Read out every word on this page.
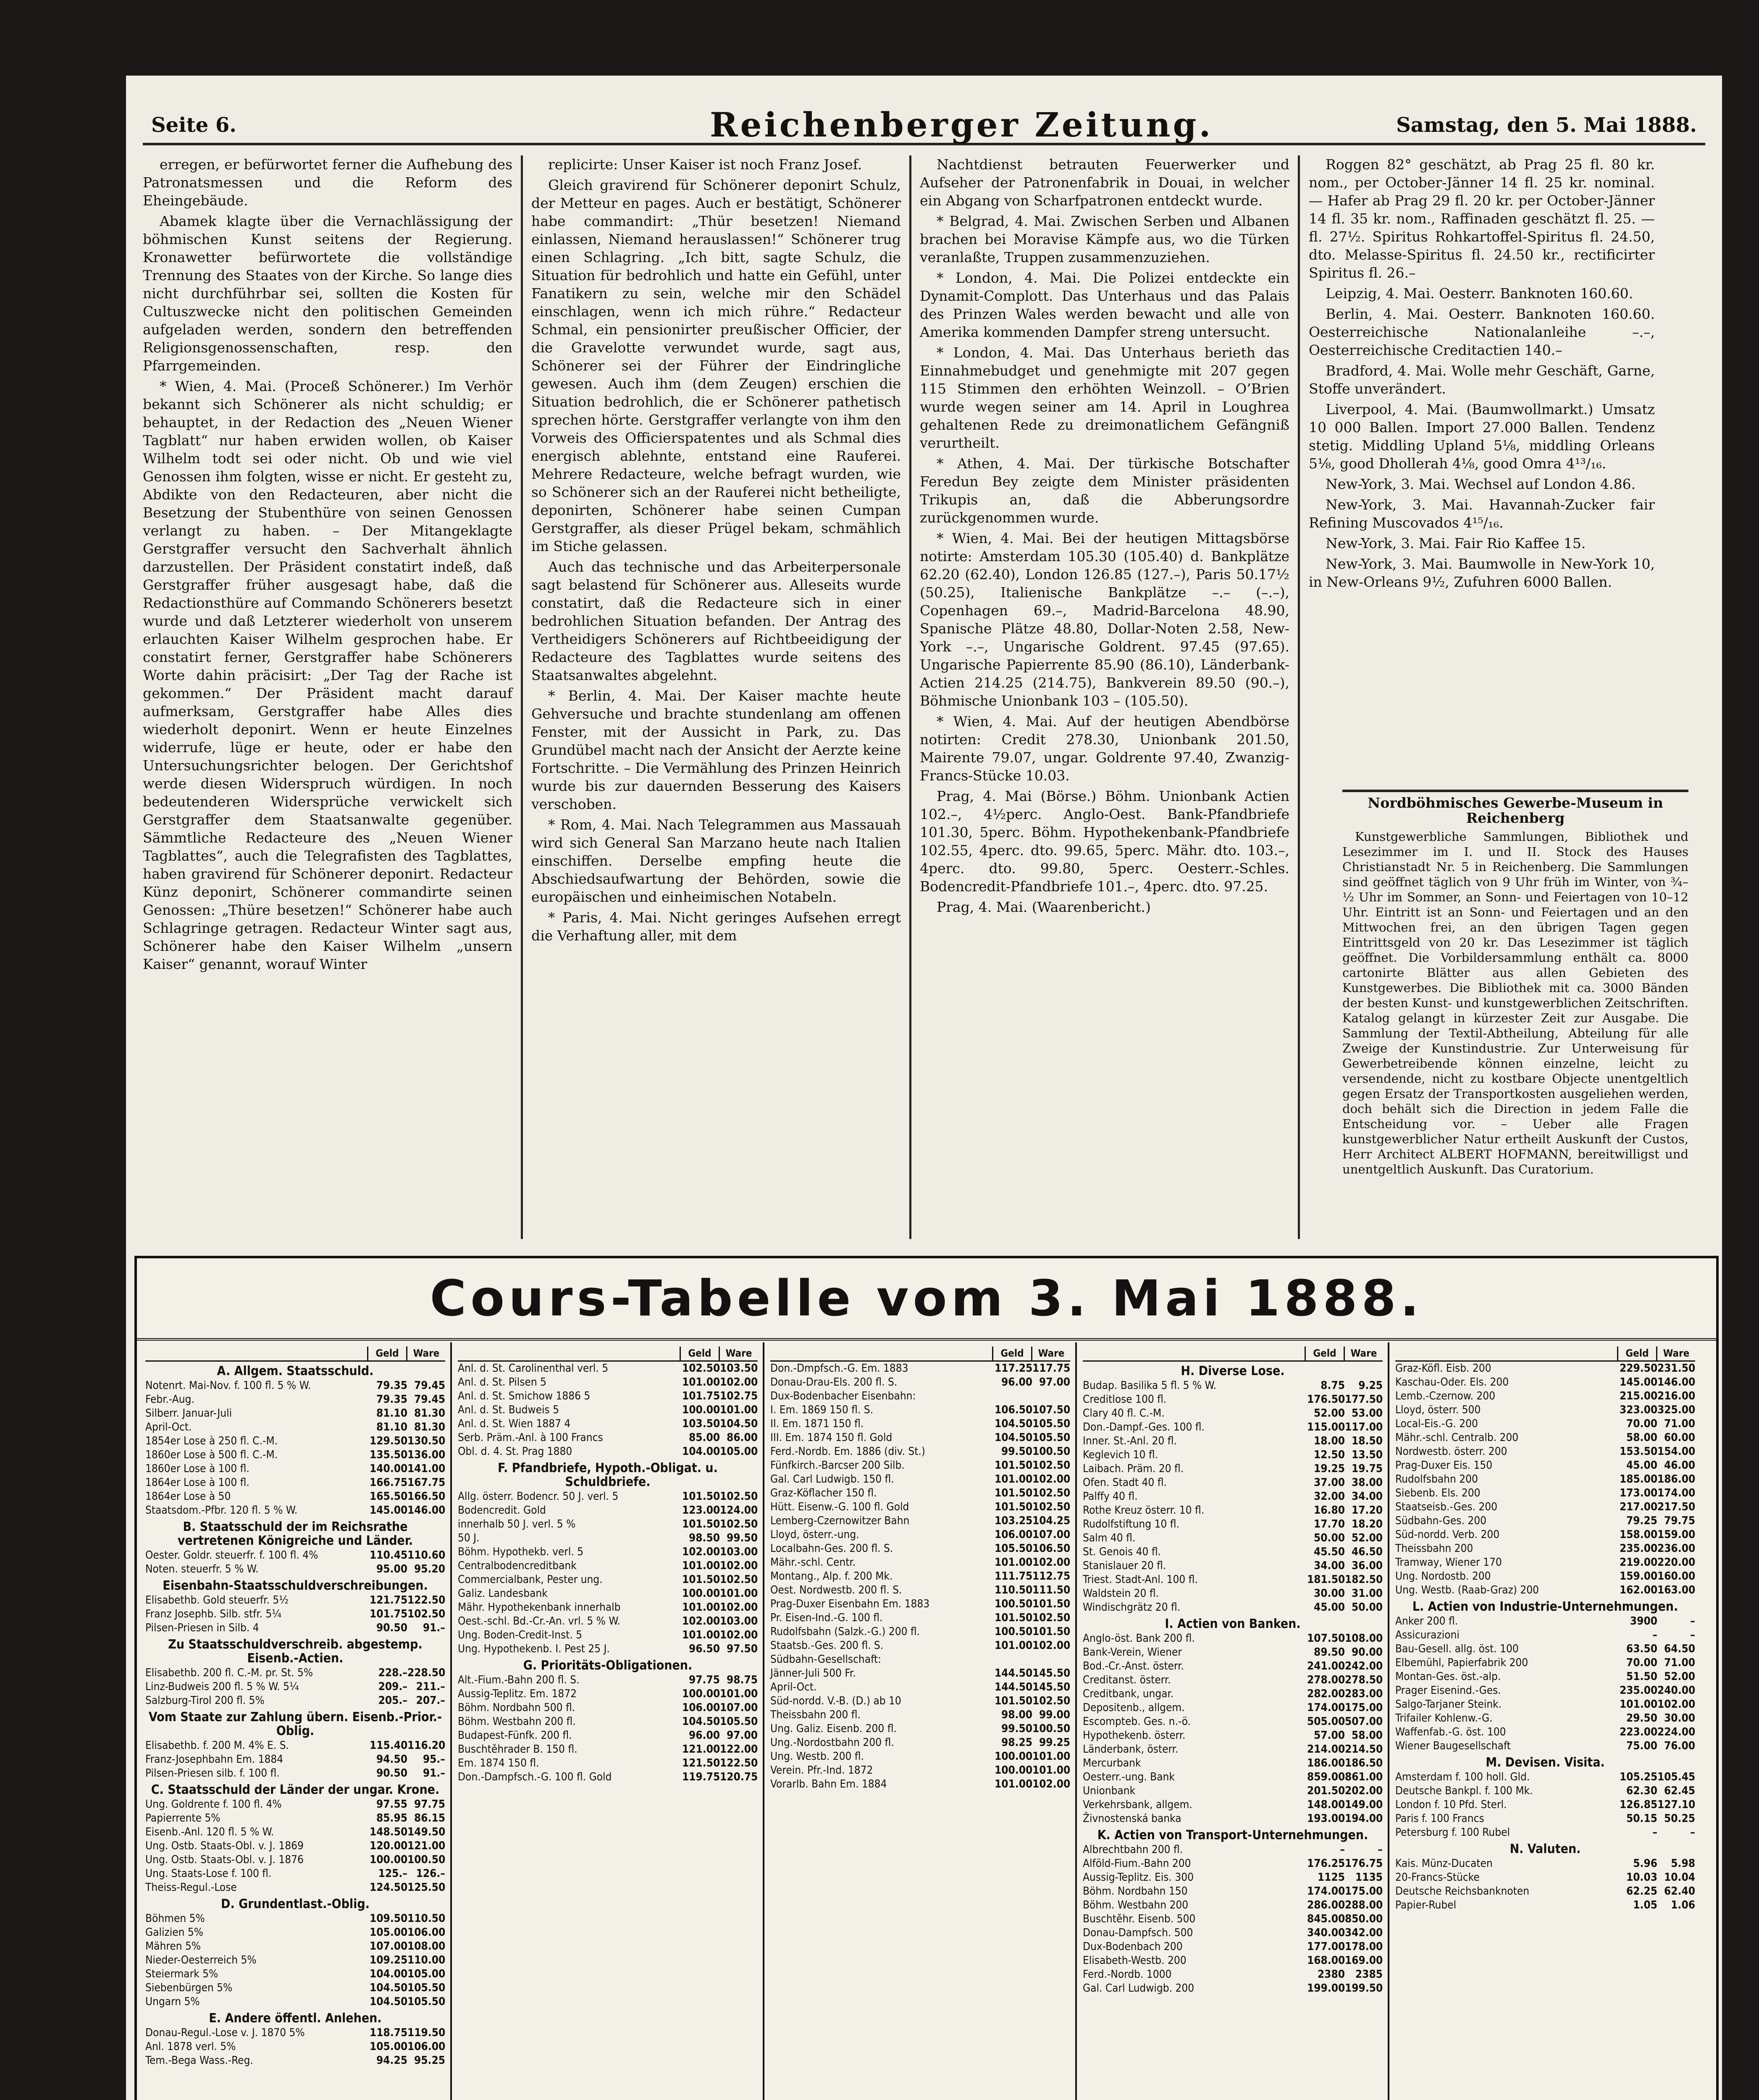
Seite 6.	Reichenberger Zeitung.	Samstag, den 5. Mai 1888.

erregen, er befürwortet ferner die Aufhebung des Patronatsmessen und die Reform des Eheingebäude.

Abamek klagte über die Vernachlässigung der böhmischen Kunst seitens der Regierung. Kronawetter befürwortete die vollständige Trennung des Staates von der Kirche. So lange dies nicht durchführbar sei, sollten die Kosten für Cultuszwecke nicht den politischen Gemeinden aufgeladen werden, sondern den betreffenden Religionsgenossenschaften, resp. den Pfarrgemeinden.

* Wien, 4. Mai. (Proceß Schönerer.) Im Verhör bekannt sich Schönerer als nicht schuldig; er behauptet, in der Redaction des „Neuen Wiener Tagblatt“ nur haben erwiden wollen, ob Kaiser Wilhelm todt sei oder nicht. Ob und wie viel Genossen ihm folgten, wisse er nicht. Er gesteht zu, Abdikte von den Redacteuren, aber nicht die Besetzung der Stubenthüre von seinen Genossen verlangt zu haben. – Der Mitangeklagte Gerstgraffer versucht den Sachverhalt ähnlich darzustellen. Der Präsident constatirt indeß, daß Gerstgraffer früher ausgesagt habe, daß die Redactionsthüre auf Commando Schönerers besetzt wurde und daß Letzterer wiederholt von unserem erlauchten Kaiser Wilhelm gesprochen habe. Er constatirt ferner, Gerstgraffer habe Schönerers Worte dahin präcisirt: „Der Tag der Rache ist gekommen.“ Der Präsident macht darauf aufmerksam, Gerstgraffer habe Alles dies wiederholt deponirt. Wenn er heute Einzelnes widerrufe, lüge er heute, oder er habe den Untersuchungsrichter belogen. Der Gerichtshof werde diesen Widerspruch würdigen. In noch bedeutenderen Widersprüche verwickelt sich Gerstgraffer dem Staatsanwalte gegenüber. Sämmtliche Redacteure des „Neuen Wiener Tagblattes“, auch die Telegrafisten des Tagblattes, haben gravirend für Schönerer deponirt. Redacteur Künz deponirt, Schönerer commandirte seinen Genossen: „Thüre besetzen!“ Schönerer habe auch Schlagringe getragen. Redacteur Winter sagt aus, Schönerer habe den Kaiser Wilhelm „unsern Kaiser“ genannt, worauf Winter

replicirte: Unser Kaiser ist noch Franz Josef.

Gleich gravirend für Schönerer deponirt Schulz, der Metteur en pages. Auch er bestätigt, Schönerer habe commandirt: „Thür besetzen! Niemand einlassen, Niemand herauslassen!“ Schönerer trug einen Schlagring. „Ich bitt, sagte Schulz, die Situation für bedrohlich und hatte ein Gefühl, unter Fanatikern zu sein, welche mir den Schädel einschlagen, wenn ich mich rühre.“ Redacteur Schmal, ein pensionirter preußischer Officier, der die Gravelotte verwundet wurde, sagt aus, Schönerer sei der Führer der Eindringliche gewesen. Auch ihm (dem Zeugen) erschien die Situation bedrohlich, die er Schönerer pathetisch sprechen hörte. Gerstgraffer verlangte von ihm den Vorweis des Officierspatentes und als Schmal dies energisch ablehnte, entstand eine Rauferei. Mehrere Redacteure, welche befragt wurden, wie so Schönerer sich an der Rauferei nicht betheiligte, deponirten, Schönerer habe seinen Cumpan Gerstgraffer, als dieser Prügel bekam, schmählich im Stiche gelassen.

Auch das technische und das Arbeiterpersonale sagt belastend für Schönerer aus. Alleseits wurde constatirt, daß die Redacteure sich in einer bedrohlichen Situation befanden. Der Antrag des Vertheidigers Schönerers auf Richtbeeidigung der Redacteure des Tagblattes wurde seitens des Staatsanwaltes abgelehnt.

* Berlin, 4. Mai. Der Kaiser machte heute Gehversuche und brachte stundenlang am offenen Fenster, mit der Aussicht in Park, zu. Das Grundübel macht nach der Ansicht der Aerzte keine Fortschritte. – Die Vermählung des Prinzen Heinrich wurde bis zur dauernden Besserung des Kaisers verschoben.

* Rom, 4. Mai. Nach Telegrammen aus Massauah wird sich General San Marzano heute nach Italien einschiffen. Derselbe empfing heute die Abschiedsaufwartung der Behörden, sowie die europäischen und einheimischen Notabeln.

* Paris, 4. Mai. Nicht geringes Aufsehen erregt die Verhaftung aller, mit dem

Nachtdienst betrauten Feuerwerker und Aufseher der Patronenfabrik in Douai, in welcher ein Abgang von Scharfpatronen entdeckt wurde.

* Belgrad, 4. Mai. Zwischen Serben und Albanen brachen bei Moravise Kämpfe aus, wo die Türken veranlaßte, Truppen zusammenzuziehen.

* London, 4. Mai. Die Polizei entdeckte ein Dynamit-Complott. Das Unterhaus und das Palais des Prinzen Wales werden bewacht und alle von Amerika kommenden Dampfer streng untersucht.

* London, 4. Mai. Das Unterhaus berieth das Einnahmebudget und genehmigte mit 207 gegen 115 Stimmen den erhöhten Weinzoll. – O’Brien wurde wegen seiner am 14. April in Loughrea gehaltenen Rede zu dreimonatlichem Gefängniß verurtheilt.

* Athen, 4. Mai. Der türkische Botschafter Feredun Bey zeigte dem Minister präsidenten Trikupis an, daß die Abberungsordre zurückgenommen wurde.

* Wien, 4. Mai. Bei der heutigen Mittagsbörse notirte: Amsterdam 105.30 (105.40) d. Bankplätze 62.20 (62.40), London 126.85 (127.–), Paris 50.17½ (50.25), Italienische Bankplätze –.– (–.–), Copenhagen 69.–, Madrid-Barcelona 48.90, Spanische Plätze 48.80, Dollar-Noten 2.58, New-York –.–, Ungarische Goldrent. 97.45 (97.65). Ungarische Papierrente 85.90 (86.10), Länderbank-Actien 214.25 (214.75), Bankverein 89.50 (90.–), Böhmische Unionbank 103 – (105.50).

* Wien, 4. Mai. Auf der heutigen Abendbörse notirten: Credit 278.30, Unionbank 201.50, Mairente 79.07, ungar. Goldrente 97.40, Zwanzig-Francs-Stücke 10.03.

Prag, 4. Mai (Börse.) Böhm. Unionbank Actien 102.–, 4½perc. Anglo-Oest. Bank-Pfandbriefe 101.30, 5perc. Böhm. Hypothekenbank-Pfandbriefe 102.55, 4perc. dto. 99.65, 5perc. Mähr. dto. 103.–, 4perc. dto. 99.80, 5perc. Oesterr.-Schles. Bodencredit-Pfandbriefe 101.–, 4perc. dto. 97.25.

Prag, 4. Mai. (Waarenbericht.)

Roggen 82° geschätzt, ab Prag 25 fl. 80 kr. nom., per October-Jänner 14 fl. 25 kr. nominal. — Hafer ab Prag 29 fl. 20 kr. per October-Jänner 14 fl. 35 kr. nom., Raffinaden geschätzt fl. 25. — fl. 27½. Spiritus Rohkartoffel-Spiritus fl. 24.50, dto. Melasse-Spiritus fl. 24.50 kr., rectificirter Spiritus fl. 26.–

Leipzig, 4. Mai. Oesterr. Banknoten 160.60.

Berlin, 4. Mai. Oesterr. Banknoten 160.60. Oesterreichische Nationalanleihe –.–, Oesterreichische Creditactien 140.–

Bradford, 4. Mai. Wolle mehr Geschäft, Garne, Stoffe unverändert.

Liverpool, 4. Mai. (Baumwollmarkt.) Umsatz 10 000 Ballen. Import 27.000 Ballen. Tendenz stetig. Middling Upland 5⅛, middling Orleans 5⅛, good Dhollerah 4⅛, good Omra 4¹³/₁₆.

New-York, 3. Mai. Wechsel auf London 4.86.

New-York, 3. Mai. Havannah-Zucker fair Refining Muscovados 4¹⁵/₁₆.

New-York, 3. Mai. Fair Rio Kaffee 15.

New-York, 3. Mai. Baumwolle in New-York 10, in New-Orleans 9½, Zufuhren 6000 Ballen.

Nordböhmisches Gewerbe-Museum in Reichenberg

Kunstgewerbliche Sammlungen, Bibliothek und Lesezimmer im I. und II. Stock des Hauses Christianstadt Nr. 5 in Reichenberg. Die Sammlungen sind geöffnet täglich von 9 Uhr früh im Winter, von ¾–½ Uhr im Sommer, an Sonn- und Feiertagen von 10–12 Uhr. Eintritt ist an Sonn- und Feiertagen und an den Mittwochen frei, an den übrigen Tagen gegen Eintrittsgeld von 20 kr. Das Lesezimmer ist täglich geöffnet. Die Vorbildersammlung enthält ca. 8000 cartonirte Blätter aus allen Gebieten des Kunstgewerbes. Die Bibliothek mit ca. 3000 Bänden der besten Kunst- und kunstgewerblichen Zeitschriften. Katalog gelangt in kürzester Zeit zur Ausgabe. Die Sammlung der Textil-Abtheilung, Abteilung für alle Zweige der Kunstindustrie. Zur Unterweisung für Gewerbetreibende können einzelne, leicht zu versendende, nicht zu kostbare Objecte unentgeltlich gegen Ersatz der Transportkosten ausgeliehen werden, doch behält sich die Direction in jedem Falle die Entscheidung vor. – Ueber alle Fragen kunstgewerblicher Natur ertheilt Auskunft der Custos, Herr Architect ALBERT HOFMANN, bereitwilligst und unentgeltlich Auskunft. Das Curatorium.

Cours-Tabelle vom 3. Mai 1888.
Geld	Ware
A. Allgem. Staatsschuld.
Notenrt. Mai-Nov. f. 100 fl. 5 % W.	79.35 79.45
Febr.-Aug.	79.35 79.45
Silberr. Januar-Juli	81.10 81.30
April-Oct.	81.10 81.30
1854er Lose à 250 fl. C.-M.	129.50 130.50
1860er Lose à 500 fl. C.-M.	135.50 136.00
1860er Lose à 100 fl.	140.00 141.00
1864er Lose à 100 fl.	166.75 167.75
1864er Lose à 50	165.50 166.50
Staatsdom.-Pfbr. 120 fl. 5 % W.	145.00 146.00
B. Staatsschuld der im Reichsrathe vertretenen Königreiche und Länder.
Oester. Goldr. steuerfr. f. 100 fl. 4%	110.45 110.60
Noten. steuerfr. 5 % W.	95.00 95.20
Eisenbahn-Staatsschuldverschreibungen.
Elisabethb. Gold steuerfr. 5½	121.75 122.50
Franz Josephb. Silb. stfr. 5¼	101.75 102.50
Pilsen-Priesen in Silb. 4	90.50	91.–
Zu Staatsschuldverschreib. abgestemp. Eisenb.-Actien.
Elisabethb. 200 fl. C.-M. pr. St. 5%	228.– 228.50
Linz-Budweis 200 fl. 5 % W. 5¼	209.– 211.–
Salzburg-Tirol 200 fl. 5%	205.– 207.–
Vom Staate zur Zahlung übern. Eisenb.-Prior.-Oblig.
Elisabethb. f. 200 M. 4% E. S.	115.40 116.20
Franz-Josephbahn Em. 1884	94.50	95.–
Pilsen-Priesen silb. f. 100 fl.	90.50	91.–
C. Staatsschuld der Länder der ungar. Krone.
Ung. Goldrente f. 100 fl. 4%	97.55 97.75
Papierrente 5%	85.95 86.15
Eisenb.-Anl. 120 fl. 5 % W.	148.50 149.50
Ung. Ostb. Staats-Obl. v. J. 1869	120.00 121.00
Ung. Ostb. Staats-Obl. v. J. 1876	100.00 100.50
Ung. Staats-Lose f. 100 fl.	125.– 126.–
Theiss-Regul.-Lose	124.50 125.50
D. Grundentlast.-Oblig.
Böhmen 5%	109.50 110.50
Galizien 5%	105.00 106.00
Mähren 5%	107.00 108.00
Nieder-Oesterreich 5%	109.25 110.00
Steiermark 5%	104.00 105.00
Siebenbürgen 5%	104.50 105.50
Ungarn 5%	104.50 105.50
E. Andere öffentl. Anlehen.
Donau-Regul.-Lose v. J. 1870 5%	118.75 119.50
Anl. 1878 verl. 5%	105.00 106.00
Tem.-Bega Wass.-Reg.	94.25 95.25
Geld	Ware
Anl. d. St. Carolinenthal verl. 5	102.50 103.50
Anl. d. St. Pilsen 5	101.00 102.00
Anl. d. St. Smichow 1886 5	101.75 102.75
Anl. d. St. Budweis 5	100.00 101.00
Anl. d. St. Wien 1887 4	103.50 104.50
Serb. Präm.-Anl. à 100 Francs	85.00 86.00
Obl. d. 4. St. Prag 1880	104.00 105.00
F. Pfandbriefe, Hypoth.-Obligat. u. Schuldbriefe.
Allg. österr. Bodencr. 50 J. verl. 5	101.50 102.50
Bodencredit. Gold	123.00 124.00
innerhalb 50 J. verl. 5 %	101.50 102.50
50 J.	98.50 99.50
Böhm. Hypothekb. verl. 5	102.00 103.00
Centralbodencreditbank	101.00 102.00
Commercialbank, Pester ung.	101.50 102.50
Galiz. Landesbank	100.00 101.00
Mähr. Hypothekenbank innerhalb	101.00 102.00
Oest.-schl. Bd.-Cr.-An. vrl. 5 % W.	102.00 103.00
Ung. Boden-Credit-Inst. 5	101.00 102.00
Ung. Hypothekenb. I. Pest 25 J.	96.50 97.50
G. Prioritäts-Obligationen.
Alt.-Fium.-Bahn 200 fl. S.	97.75 98.75
Aussig-Teplitz. Em. 1872	100.00 101.00
Böhm. Nordbahn 500 fl.	106.00 107.00
Böhm. Westbahn 200 fl.	104.50 105.50
Budapest-Fünfk. 200 fl.	96.00 97.00
Buschtěhrader B. 150 fl.	121.00 122.00
Em. 1874 150 fl.	121.50 122.50
Don.-Dampfsch.-G. 100 fl. Gold	119.75 120.75
Geld	Ware
Don.-Dmpfsch.-G. Em. 1883	117.25 117.75
Donau-Drau-Els. 200 fl. S.	96.00 97.00
Dux-Bodenbacher Eisenbahn:
I. Em. 1869 150 fl. S.	106.50 107.50
II. Em. 1871 150 fl.	104.50 105.50
III. Em. 1874 150 fl. Gold	104.50 105.50
Ferd.-Nordb. Em. 1886 (div. St.)	99.50 100.50
Fünfkirch.-Barcser 200 Silb.	101.50 102.50
Gal. Carl Ludwigb. 150 fl.	101.00 102.00
Graz-Köflacher 150 fl.	101.50 102.50
Hütt. Eisenw.-G. 100 fl. Gold	101.50 102.50
Lemberg-Czernowitzer Bahn	103.25 104.25
Lloyd, österr.-ung.	106.00 107.00
Localbahn-Ges. 200 fl. S.	105.50 106.50
Mähr.-schl. Centr.	101.00 102.00
Montang., Alp. f. 200 Mk.	111.75 112.75
Oest. Nordwestb. 200 fl. S.	110.50 111.50
Prag-Duxer Eisenbahn Em. 1883	100.50 101.50
Pr. Eisen-Ind.-G. 100 fl.	101.50 102.50
Rudolfsbahn (Salzk.-G.) 200 fl.	100.50 101.50
Staatsb.-Ges. 200 fl. S.	101.00 102.00
Südbahn-Gesellschaft:
Jänner-Juli 500 Fr.	144.50 145.50
April-Oct.	144.50 145.50
Süd-nordd. V.-B. (D.) ab 10	101.50 102.50
Theissbahn 200 fl.	98.00 99.00
Ung. Galiz. Eisenb. 200 fl.	99.50 100.50
Ung.-Nordostbahn 200 fl.	98.25 99.25
Ung. Westb. 200 fl.	100.00 101.00
Verein. Pfr.-Ind. 1872	100.00 101.00
Vorarlb. Bahn Em. 1884	101.00 102.00
Geld	Ware
H. Diverse Lose.
Budap. Basilika 5 fl. 5 % W.	8.75	9.25
Creditlose 100 fl.	176.50 177.50
Clary 40 fl. C.-M.	52.00 53.00
Don.-Dampf.-Ges. 100 fl.	115.00 117.00
Inner. St.-Anl. 20 fl.	18.00 18.50
Keglevich 10 fl.	12.50 13.50
Laibach. Präm. 20 fl.	19.25 19.75
Ofen. Stadt 40 fl.	37.00 38.00
Palffy 40 fl.	32.00 34.00
Rothe Kreuz österr. 10 fl.	16.80 17.20
Rudolfstiftung 10 fl.	17.70 18.20
Salm 40 fl.	50.00 52.00
St. Genois 40 fl.	45.50 46.50
Stanislauer 20 fl.	34.00 36.00
Triest. Stadt-Anl. 100 fl.	181.50 182.50
Waldstein 20 fl.	30.00 31.00
Windischgrätz 20 fl.	45.00 50.00
I. Actien von Banken.
Anglo-öst. Bank 200 fl.	107.50 108.00
Bank-Verein, Wiener	89.50 90.00
Bod.-Cr.-Anst. österr.	241.00 242.00
Creditanst. österr.	278.00 278.50
Creditbank, ungar.	282.00 283.00
Depositenb., allgem.	174.00 175.00
Escompteb. Ges. n.-ö.	505.00 507.00
Hypothekenb. österr.	57.00 58.00
Länderbank, österr.	214.00 214.50
Mercurbank	186.00 186.50
Oesterr.-ung. Bank	859.00 861.00
Unionbank	201.50 202.00
Verkehrsbank, allgem.	148.00 149.00
Živnostenská banka	193.00 194.00
K. Actien von Transport-Unternehmungen.
Albrechtbahn 200 fl.	–	–
Alföld-Fium.-Bahn 200	176.25 176.75
Aussig-Teplitz. Eis. 300	1125 1135
Böhm. Nordbahn 150	174.00 175.00
Böhm. Westbahn 200	286.00 288.00
Buschtěhr. Eisenb. 500	845.00 850.00
Donau-Dampfsch. 500	340.00 342.00
Dux-Bodenbach 200	177.00 178.00
Elisabeth-Westb. 200	168.00 169.00
Ferd.-Nordb. 1000	2380 2385
Gal. Carl Ludwigb. 200	199.00 199.50
Geld	Ware
Graz-Köfl. Eisb. 200	229.50 231.50
Kaschau-Oder. Els. 200	145.00 146.00
Lemb.-Czernow. 200	215.00 216.00
Lloyd, österr. 500	323.00 325.00
Local-Eis.-G. 200	70.00 71.00
Mähr.-schl. Centralb. 200	58.00 60.00
Nordwestb. österr. 200	153.50 154.00
Prag-Duxer Eis. 150	45.00 46.00
Rudolfsbahn 200	185.00 186.00
Siebenb. Els. 200	173.00 174.00
Staatseisb.-Ges. 200	217.00 217.50
Südbahn-Ges. 200	79.25 79.75
Süd-nordd. Verb. 200	158.00 159.00
Theissbahn 200	235.00 236.00
Tramway, Wiener 170	219.00 220.00
Ung. Nordostb. 200	159.00 160.00
Ung. Westb. (Raab-Graz) 200	162.00 163.00
L. Actien von Industrie-Unternehmungen.
Anker 200 fl.	3900	–
Assicurazioni	–	–
Bau-Gesell. allg. öst. 100	63.50 64.50
Elbemühl, Papierfabrik 200	70.00 71.00
Montan-Ges. öst.-alp.	51.50 52.00
Prager Eisenind.-Ges.	235.00 240.00
Salgo-Tarjaner Steink.	101.00 102.00
Trifailer Kohlenw.-G.	29.50 30.00
Waffenfab.-G. öst. 100	223.00 224.00
Wiener Baugesellschaft	75.00 76.00
M. Devisen. Visita.
Amsterdam f. 100 holl. Gld.	105.25 105.45
Deutsche Bankpl. f. 100 Mk.	62.30 62.45
London f. 10 Pfd. Sterl.	126.85 127.10
Paris f. 100 Francs	50.15 50.25
Petersburg f. 100 Rubel	–	–
N. Valuten.
Kais. Münz-Ducaten	5.96	5.98
20-Francs-Stücke	10.03 10.04
Deutsche Reichsbanknoten	62.25 62.40
Papier-Rubel	1.05	1.06
